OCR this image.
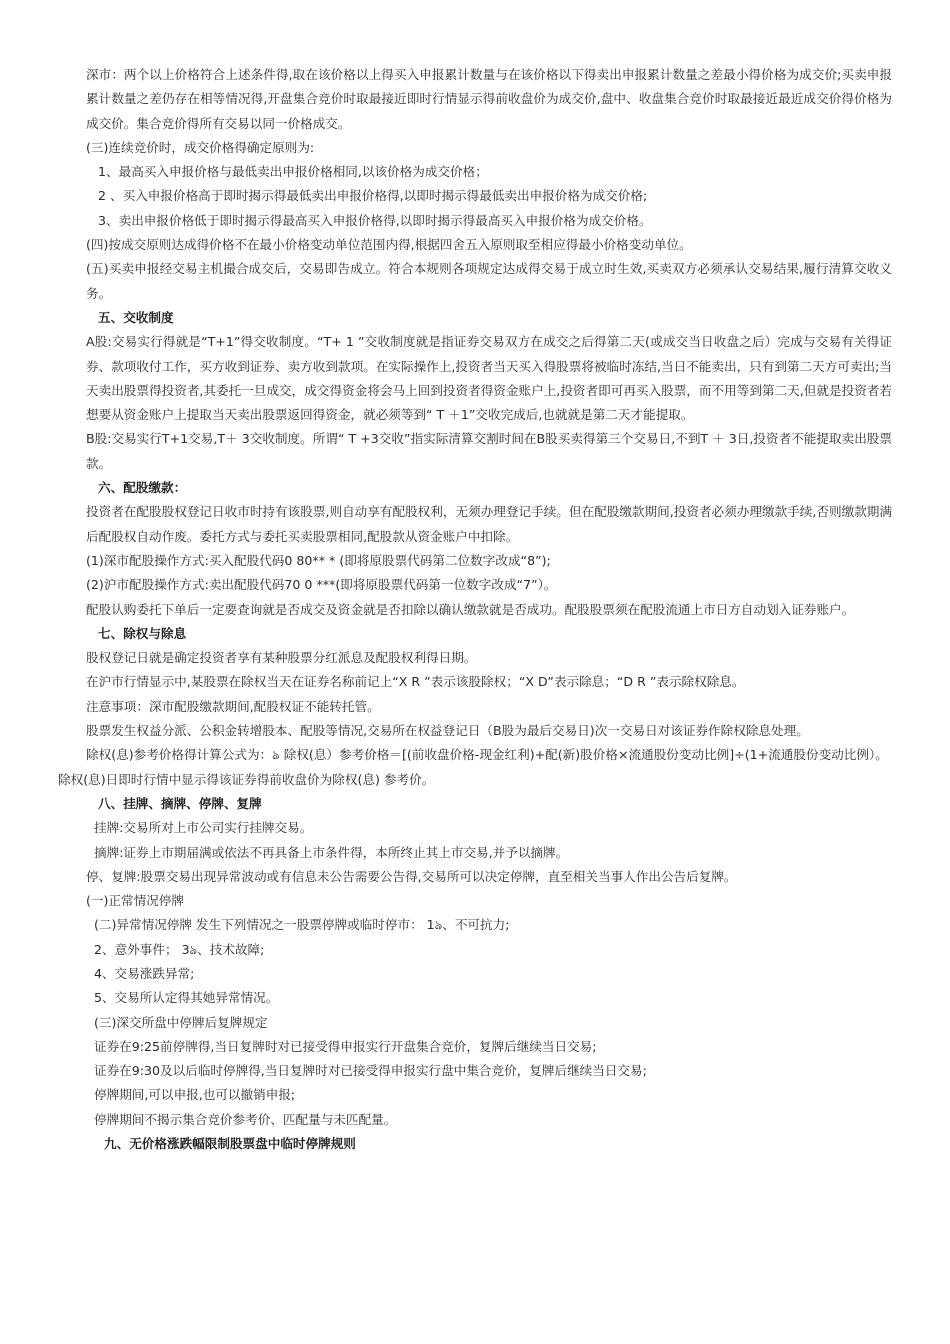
深市：两个以上价格符合上述条件得,取在该价格以上得买入申报累计数量与在该价格以下得卖出申报累计数量之差最小得价格为成交价;买卖申报累计数量之差仍存在相等情况得,开盘集合竞价时取最接近即时行情显示得前收盘价为成交价,盘中、收盘集合竞价时取最接近最近成交价得价格为成交价。集合竞价得所有交易以同一价格成交。

(三)连续竞价时，成交价格得确定原则为:

1、最高买入申报价格与最低卖出申报价格相同,以该价格为成交价格；

2 、买入申报价格高于即时揭示得最低卖出申报价格得,以即时揭示得最低卖出申报价格为成交价格;

3、卖出申报价格低于即时揭示得最高买入申报价格得,以即时揭示得最高买入申报价格为成交价格。

(四)按成交原则达成得价格不在最小价格变动单位范围内得,根据四舍五入原则取至相应得最小价格变动单位。

(五)买卖申报经交易主机撮合成交后，交易即告成立。符合本规则各项规定达成得交易于成立时生效,买卖双方必须承认交易结果,履行清算交收义务。

五、交收制度

A股:交易实行得就是“T+1”得交收制度。“T+ 1 ”交收制度就是指证券交易双方在成交之后得第二天(或成交当日收盘之后）完成与交易有关得证券、款项收付工作，买方收到证券、卖方收到款项。在实际操作上,投资者当天买入得股票将被临时冻结,当日不能卖出，只有到第二天方可卖出;当天卖出股票得投资者,其委托一旦成交，成交得资金将会马上回到投资者得资金账户上,投资者即可再买入股票，而不用等到第二天,但就是投资者若想要从资金账户上提取当天卖出股票返回得资金，就必须等到“ T ＋1”交收完成后,也就就是第二天才能提取。

B股:交易实行T+1交易,T＋ 3交收制度。所谓“ T +3交收”指实际清算交割时间在B股买卖得第三个交易日,不到T ＋ 3日,投资者不能提取卖出股票款。

六、配股缴款：

投资者在配股股权登记日收市时持有该股票,则自动享有配股权利，无须办理登记手续。但在配股缴款期间,投资者必须办理缴款手续,否则缴款期满后配股权自动作废。委托方式与委托买卖股票相同,配股款从资金账户中扣除。

(1)深市配股操作方式:买入配股代码0 80** * (即将原股票代码第二位数字改成“8”);

(2)沪市配股操作方式:卖出配股代码70 0 ***(即将原股票代码第一位数字改成“7”）。

配股认购委托下单后一定要查询就是否成交及资金就是否扣除以确认缴款就是否成功。配股股票须在配股流通上市日方自动划入证券账户。

七、除权与除息

股权登记日就是确定投资者享有某种股票分红派息及配股权利得日期。

在沪市行情显示中,某股票在除权当天在证券名称前记上“X R ”表示该股除权；“X D”表示除息；“D R ”表示除权除息。

注意事项：深市配股缴款期间,配股权证不能转托管。

股票发生权益分派、公积金转增股本、配股等情况,交易所在权益登记日（B股为最后交易日)次一交易日对该证券作除权除息处理。

除权(息)参考价格得计算公式为：ঌ 除权(息）参考价格＝[(前收盘价格-现金红利)+配(新)股价格×流通股份变动比例]÷(1+流通股份变动比例）。

除权(息)日即时行情中显示得该证券得前收盘价为除权(息) 参考价。

八、挂牌、摘牌、停牌、复牌

挂牌:交易所对上市公司实行挂牌交易。

摘牌:证券上市期届满或依法不再具备上市条件得，本所终止其上市交易,并予以摘牌。

停、复牌:股票交易出现异常波动或有信息未公告需要公告得,交易所可以决定停牌，直至相关当事人作出公告后复牌。

(一)正常情况停牌

(二)异常情况停牌 发生下列情况之一股票停牌或临时停市： 1ঌ、不可抗力;

2、意外事件； 3ঌ、技术故障;

4、交易涨跌异常;

5、交易所认定得其她异常情况。

(三)深交所盘中停牌后复牌规定

证券在9:25前停牌得,当日复牌时对已接受得申报实行开盘集合竞价，复牌后继续当日交易;

证券在9:30及以后临时停牌得,当日复牌时对已接受得申报实行盘中集合竞价，复牌后继续当日交易;

停牌期间,可以申报,也可以撤销申报;

停牌期间不揭示集合竞价参考价、匹配量与未匹配量。

九、无价格涨跌幅限制股票盘中临时停牌规则
